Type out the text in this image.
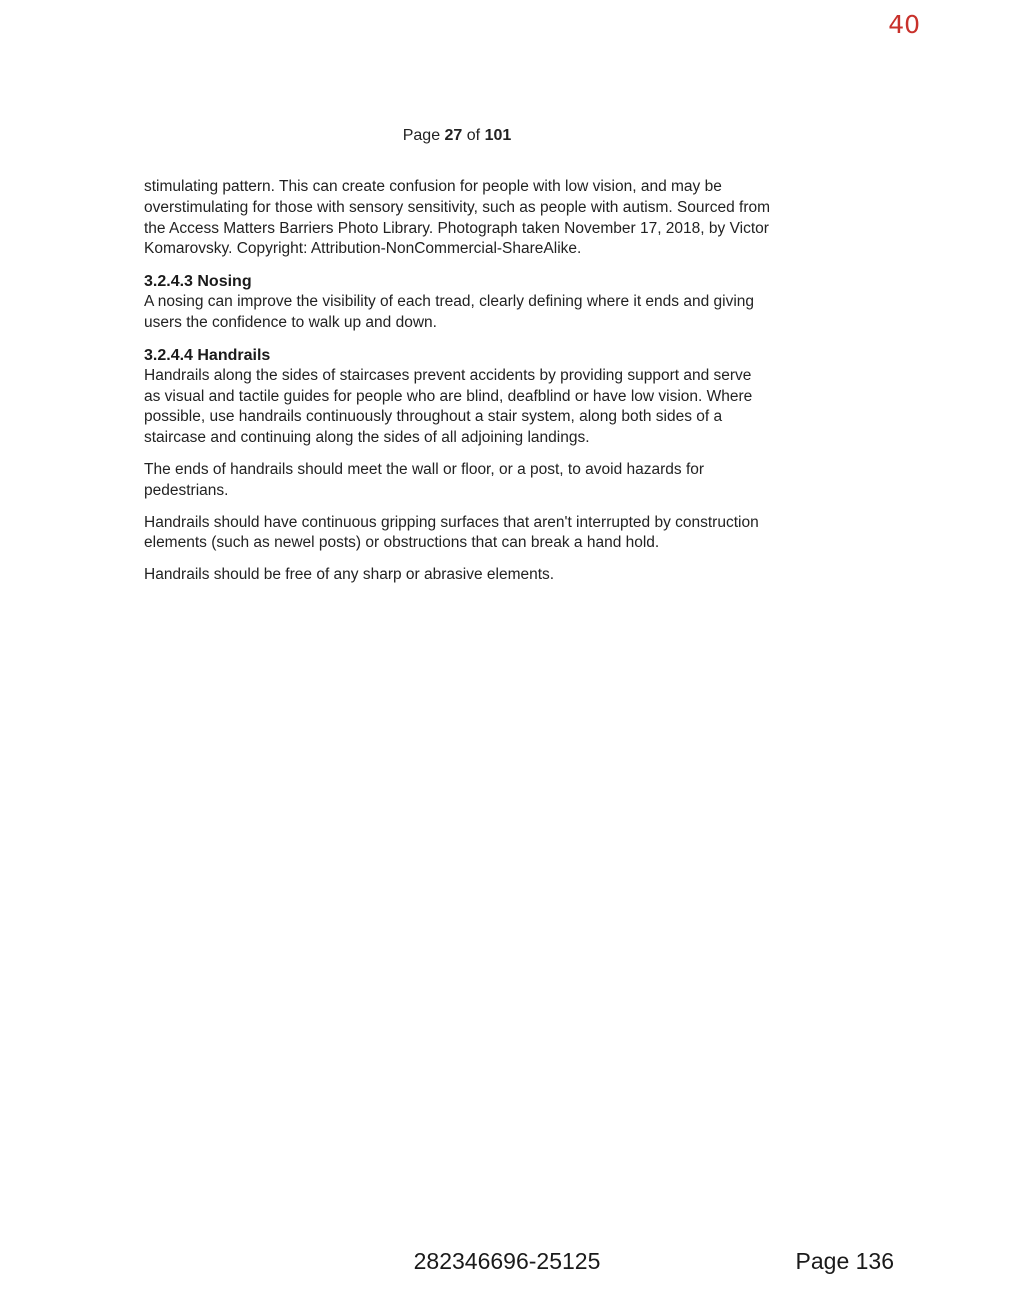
40
Page 27 of 101

stimulating pattern. This can create confusion for people with low vision, and may be overstimulating for those with sensory sensitivity, such as people with autism. Sourced from the Access Matters Barriers Photo Library. Photograph taken November 17, 2018, by Victor Komarovsky. Copyright: Attribution-NonCommercial-ShareAlike.

3.2.4.3 Nosing

A nosing can improve the visibility of each tread, clearly defining where it ends and giving users the confidence to walk up and down.

3.2.4.4 Handrails

Handrails along the sides of staircases prevent accidents by providing support and serve as visual and tactile guides for people who are blind, deafblind or have low vision. Where possible, use handrails continuously throughout a stair system, along both sides of a staircase and continuing along the sides of all adjoining landings.

The ends of handrails should meet the wall or floor, or a post, to avoid hazards for pedestrians.

Handrails should have continuous gripping surfaces that aren't interrupted by construction elements (such as newel posts) or obstructions that can break a hand hold.

Handrails should be free of any sharp or abrasive elements.

282346696-25125	Page 136
